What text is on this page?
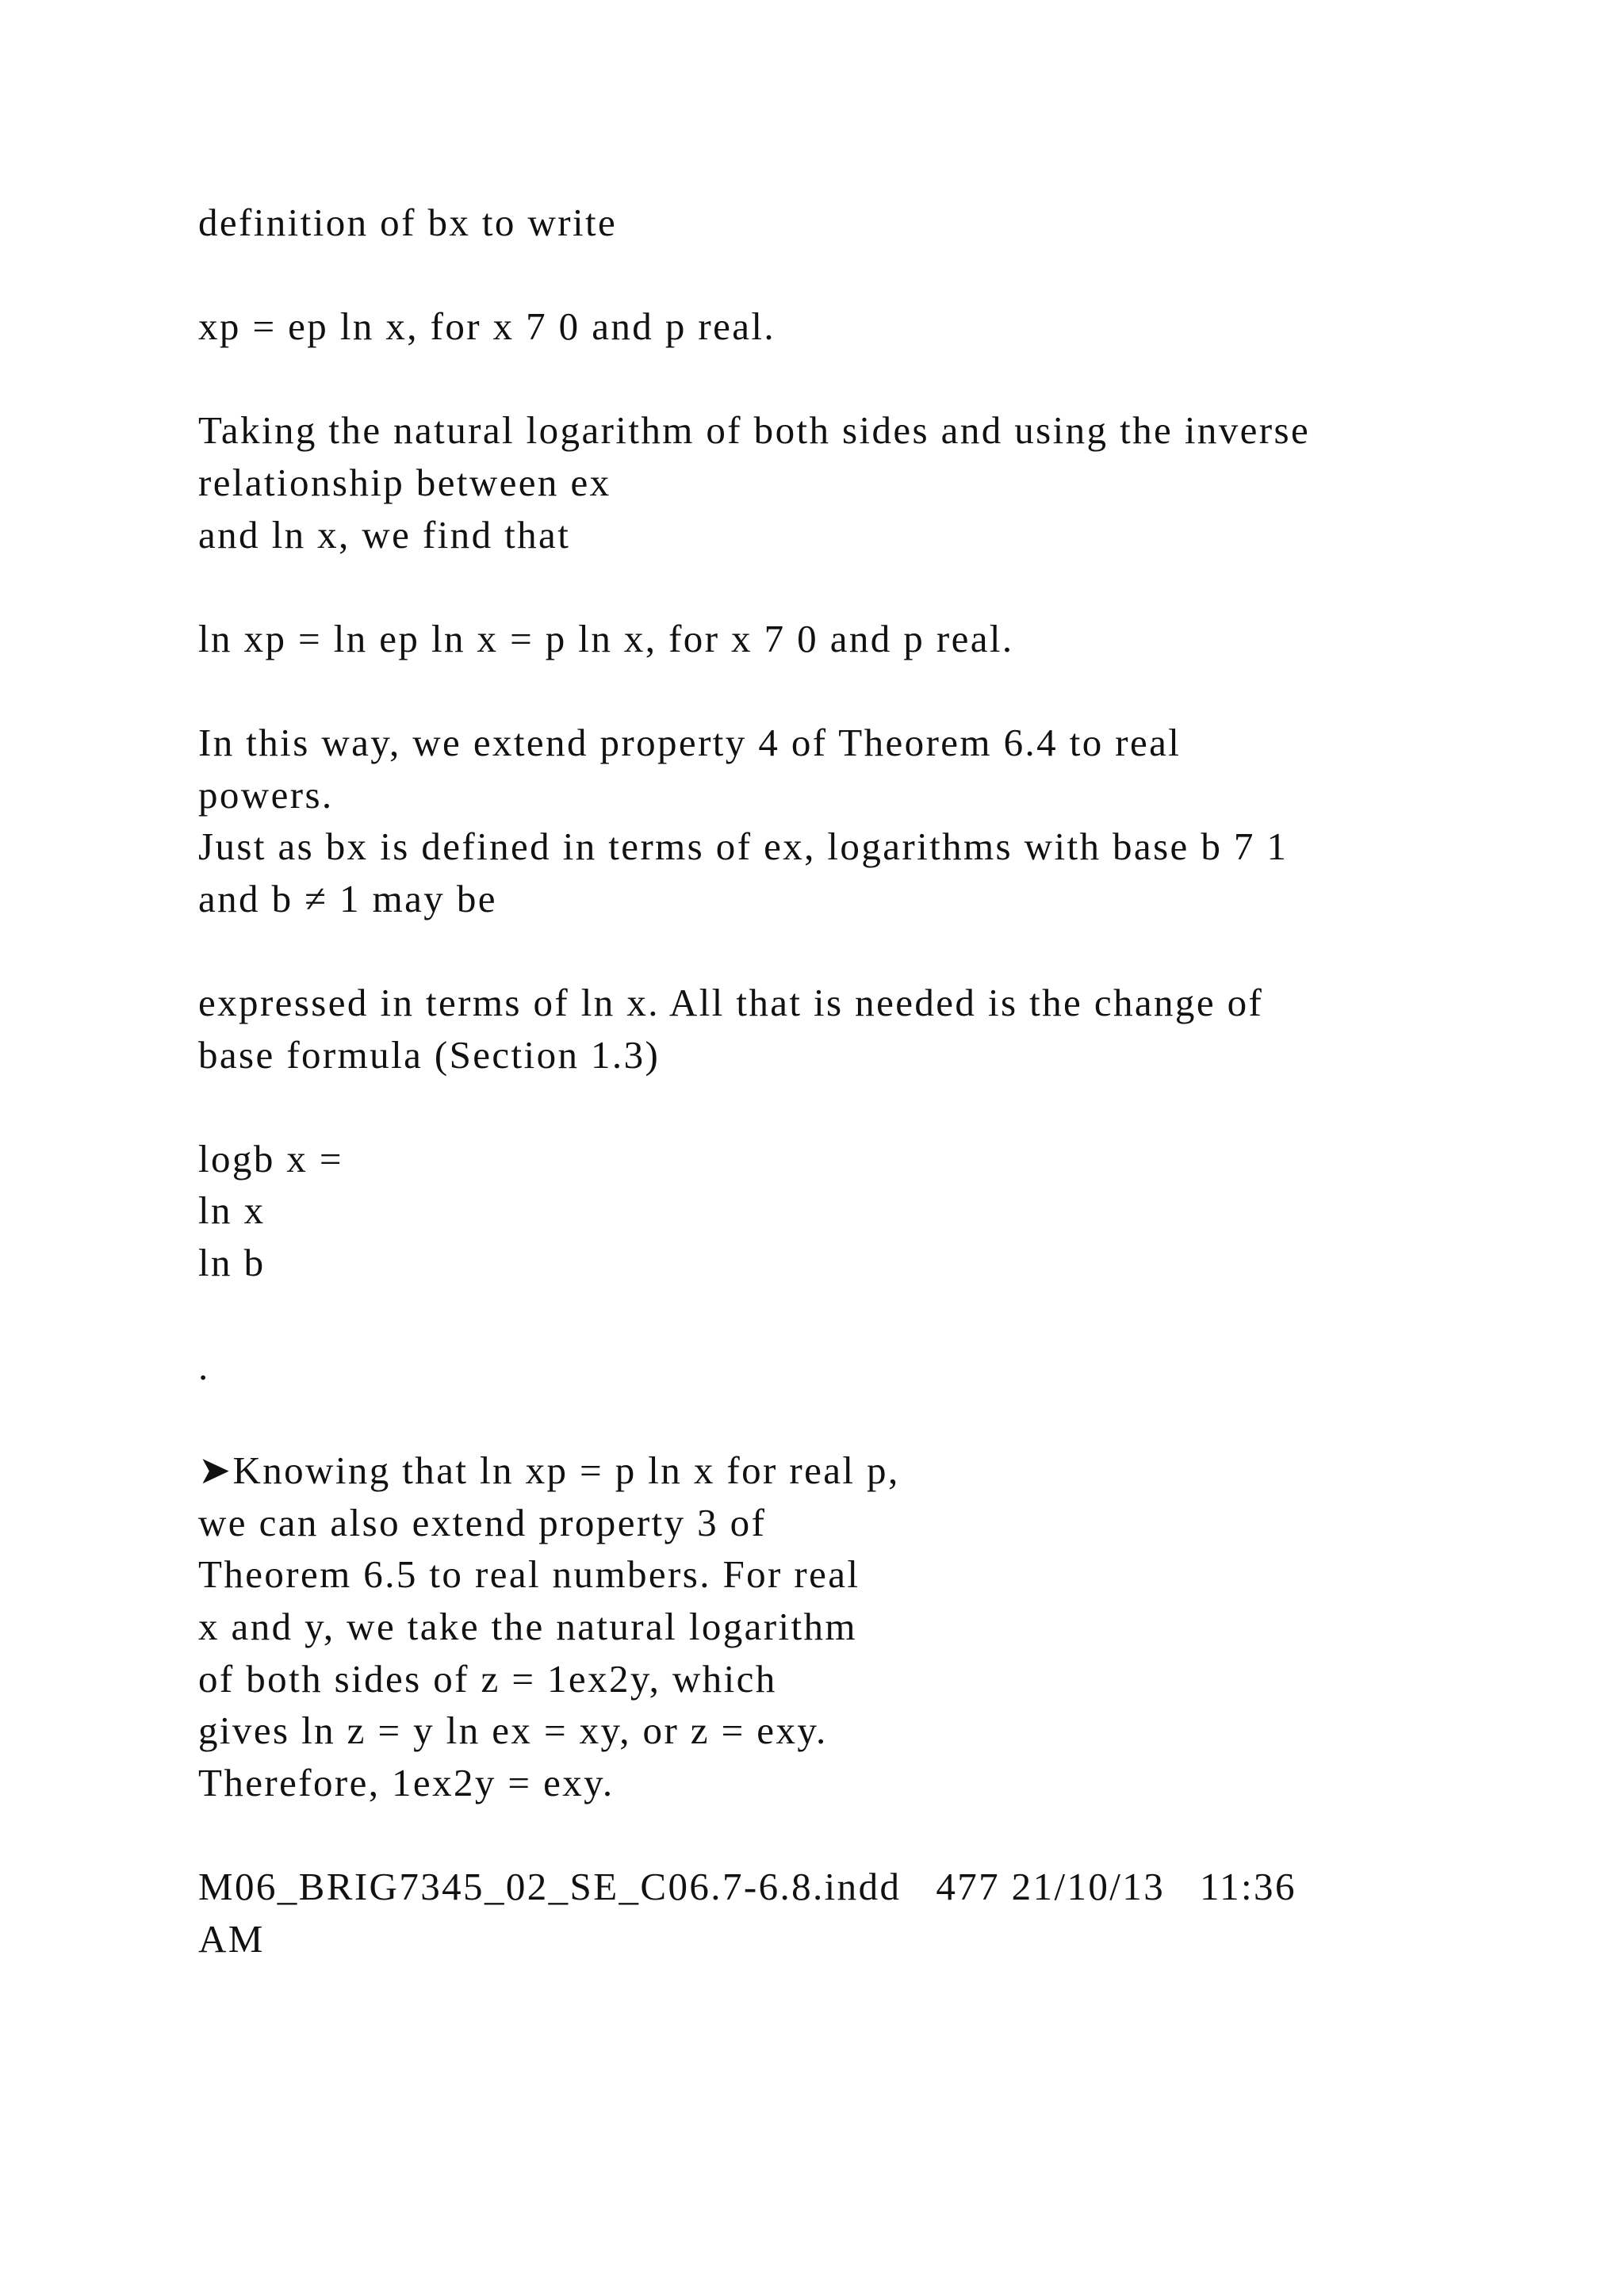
definition of bx to write
xp = ep ln x, for x 7 0 and p real.
Taking the natural logarithm of both sides and using the inverse
relationship between ex
and ln x, we find that
ln xp = ln ep ln x = p ln x, for x 7 0 and p real.
In this way, we extend property 4 of Theorem 6.4 to real
powers.
Just as bx is defined in terms of ex, logarithms with base b 7 1
and b ≠ 1 may be
expressed in terms of ln x. All that is needed is the change of
base formula (Section 1.3)
logb x =
ln x
ln b
.
➤Knowing that ln xp = p ln x for real p,
we can also extend property 3 of
Theorem 6.5 to real numbers. For real
x and y, we take the natural logarithm
of both sides of z = 1ex2y, which
gives ln z = y ln ex = xy, or z = exy.
Therefore, 1ex2y = exy.
M06_BRIG7345_02_SE_C06.7-6.8.indd   477 21/10/13   11:36
AM
